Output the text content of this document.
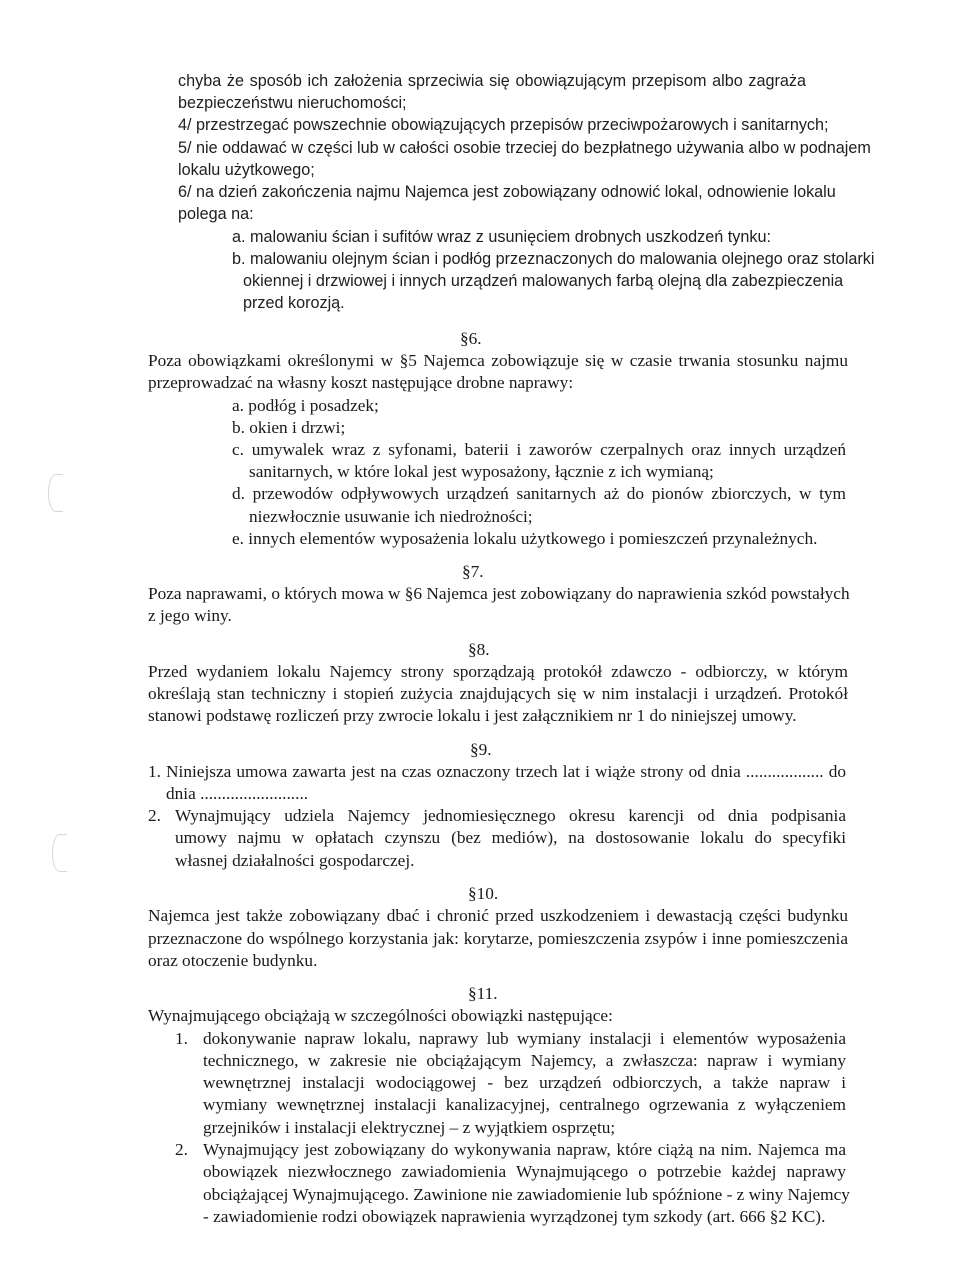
chyba że sposób ich założenia sprzeciwia się obowiązującym przepisom albo zagraża
bezpieczeństwu nieruchomości;
4/ przestrzegać powszechnie obowiązujących przepisów przeciwpożarowych i sanitarnych;
5/ nie oddawać w części lub w całości osobie trzeciej do bezpłatnego używania albo w podnajem
lokalu użytkowego;
6/ na dzień zakończenia najmu Najemca jest zobowiązany odnowić lokal, odnowienie lokalu
polega na:
a. malowaniu ścian i sufitów wraz z usunięciem drobnych uszkodzeń tynku:
b. malowaniu olejnym ścian i podłóg przeznaczonych do malowania olejnego oraz stolarki
okiennej i drzwiowej i innych urządzeń malowanych farbą olejną dla zabezpieczenia
przed korozją.
§6.
Poza obowiązkami określonymi w §5 Najemca zobowiązuje się w czasie trwania stosunku najmu
przeprowadzać na własny koszt następujące drobne naprawy:
a. podłóg i posadzek;
b. okien i drzwi;
c. umywalek wraz z syfonami, baterii i zaworów czerpalnych oraz innych urządzeń
sanitarnych, w które lokal jest wyposażony, łącznie z ich wymianą;
d. przewodów odpływowych urządzeń sanitarnych aż do pionów zbiorczych, w tym
niezwłocznie usuwanie ich niedrożności;
e. innych elementów wyposażenia lokalu użytkowego i pomieszczeń przynależnych.
§7.
Poza naprawami, o których mowa w §6 Najemca jest zobowiązany do naprawienia szkód powstałych
z jego winy.
§8.
Przed wydaniem lokalu Najemcy strony sporządzają protokół zdawczo - odbiorczy, w którym
określają stan techniczny i stopień zużycia znajdujących się w nim instalacji i urządzeń. Protokół
stanowi podstawę rozliczeń przy zwrocie lokalu i jest załącznikiem nr 1 do niniejszej umowy.
§9.
1. Niniejsza umowa zawarta jest na czas oznaczony trzech lat i wiąże strony od dnia .................. do
dnia .........................
2. Wynajmujący udziela Najemcy jednomiesięcznego okresu karencji od dnia podpisania
umowy najmu w opłatach czynszu (bez mediów), na dostosowanie lokalu do specyfiki
własnej działalności gospodarczej.
§10.
Najemca jest także zobowiązany dbać i chronić przed uszkodzeniem i dewastacją części budynku
przeznaczone do wspólnego korzystania jak: korytarze, pomieszczenia zsypów i inne pomieszczenia
oraz otoczenie budynku.
§11.
Wynajmującego obciążają w szczególności obowiązki następujące:
1. dokonywanie napraw lokalu, naprawy lub wymiany instalacji i elementów wyposażenia
technicznego, w zakresie nie obciążającym Najemcy, a zwłaszcza: napraw i wymiany
wewnętrznej instalacji wodociągowej - bez urządzeń odbiorczych, a także napraw i
wymiany wewnętrznej instalacji kanalizacyjnej, centralnego ogrzewania z wyłączeniem
grzejników i instalacji elektrycznej – z wyjątkiem osprzętu;
2. Wynajmujący jest zobowiązany do wykonywania napraw, które ciążą na nim. Najemca ma
obowiązek niezwłocznego zawiadomienia Wynajmującego o potrzebie każdej naprawy
obciążającej Wynajmującego. Zawinione nie zawiadomienie lub spóźnione - z winy Najemcy
- zawiadomienie rodzi obowiązek naprawienia wyrządzonej tym szkody (art. 666 §2 KC).
